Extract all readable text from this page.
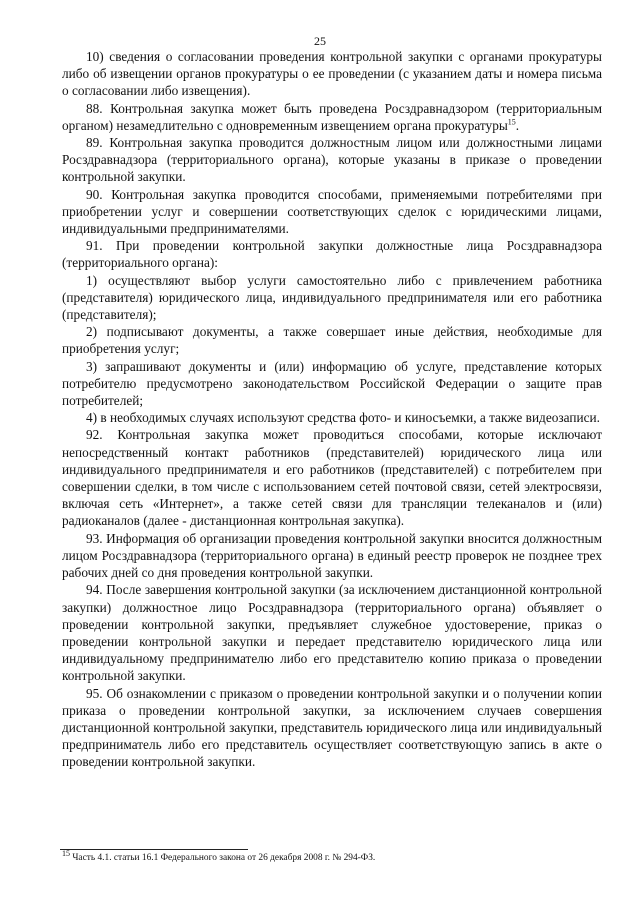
25

10) сведения о согласовании проведения контрольной закупки с органами прокуратуры либо об извещении органов прокуратуры о ее проведении (с указанием даты и номера письма о согласовании либо извещения).

88. Контрольная закупка может быть проведена Росздравнадзором (территориальным органом) незамедлительно с одновременным извещением органа прокуратуры$^{15}$.

89. Контрольная закупка проводится должностным лицом или должностными лицами Росздравнадзора (территориального органа), которые указаны в приказе о проведении контрольной закупки.

90. Контрольная закупка проводится способами, применяемыми потребителями при приобретении услуг и совершении соответствующих сделок с юридическими лицами, индивидуальными предпринимателями.

91. При проведении контрольной закупки должностные лица Росздравнадзора (территориального органа):

1) осуществляют выбор услуги самостоятельно либо с привлечением работника (представителя) юридического лица, индивидуального предпринимателя или его работника (представителя);

2) подписывают документы, а также совершает иные действия, необходимые для приобретения услуг;

3) запрашивают документы и (или) информацию об услуге, представление которых потребителю предусмотрено законодательством Российской Федерации о защите прав потребителей;

4) в необходимых случаях используют средства фото- и киносъемки, а также видеозаписи.

92. Контрольная закупка может проводиться способами, которые исключают непосредственный контакт работников (представителей) юридического лица или индивидуального предпринимателя и его работников (представителей) с потребителем при совершении сделки, в том числе с использованием сетей почтовой связи, сетей электросвязи, включая сеть «Интернет», а также сетей связи для трансляции телеканалов и (или) радиоканалов (далее - дистанционная контрольная закупка).

93. Информация об организации проведения контрольной закупки вносится должностным лицом Росздравнадзора (территориального органа) в единый реестр проверок не позднее трех рабочих дней со дня проведения контрольной закупки.

94. После завершения контрольной закупки (за исключением дистанционной контрольной закупки) должностное лицо Росздравнадзора (территориального органа) объявляет о проведении контрольной закупки, предъявляет служебное удостоверение, приказ о проведении контрольной закупки и передает представителю юридического лица или индивидуальному предпринимателю либо его представителю копию приказа о проведении контрольной закупки.

95. Об ознакомлении с приказом о проведении контрольной закупки и о получении копии приказа о проведении контрольной закупки, за исключением случаев совершения дистанционной контрольной закупки, представитель юридического лица или индивидуальный предприниматель либо его представитель осуществляет соответствующую запись в акте о проведении контрольной закупки.

$^{15}$ Часть 4.1. статьи 16.1 Федерального закона от 26 декабря 2008 г. № 294-ФЗ.
